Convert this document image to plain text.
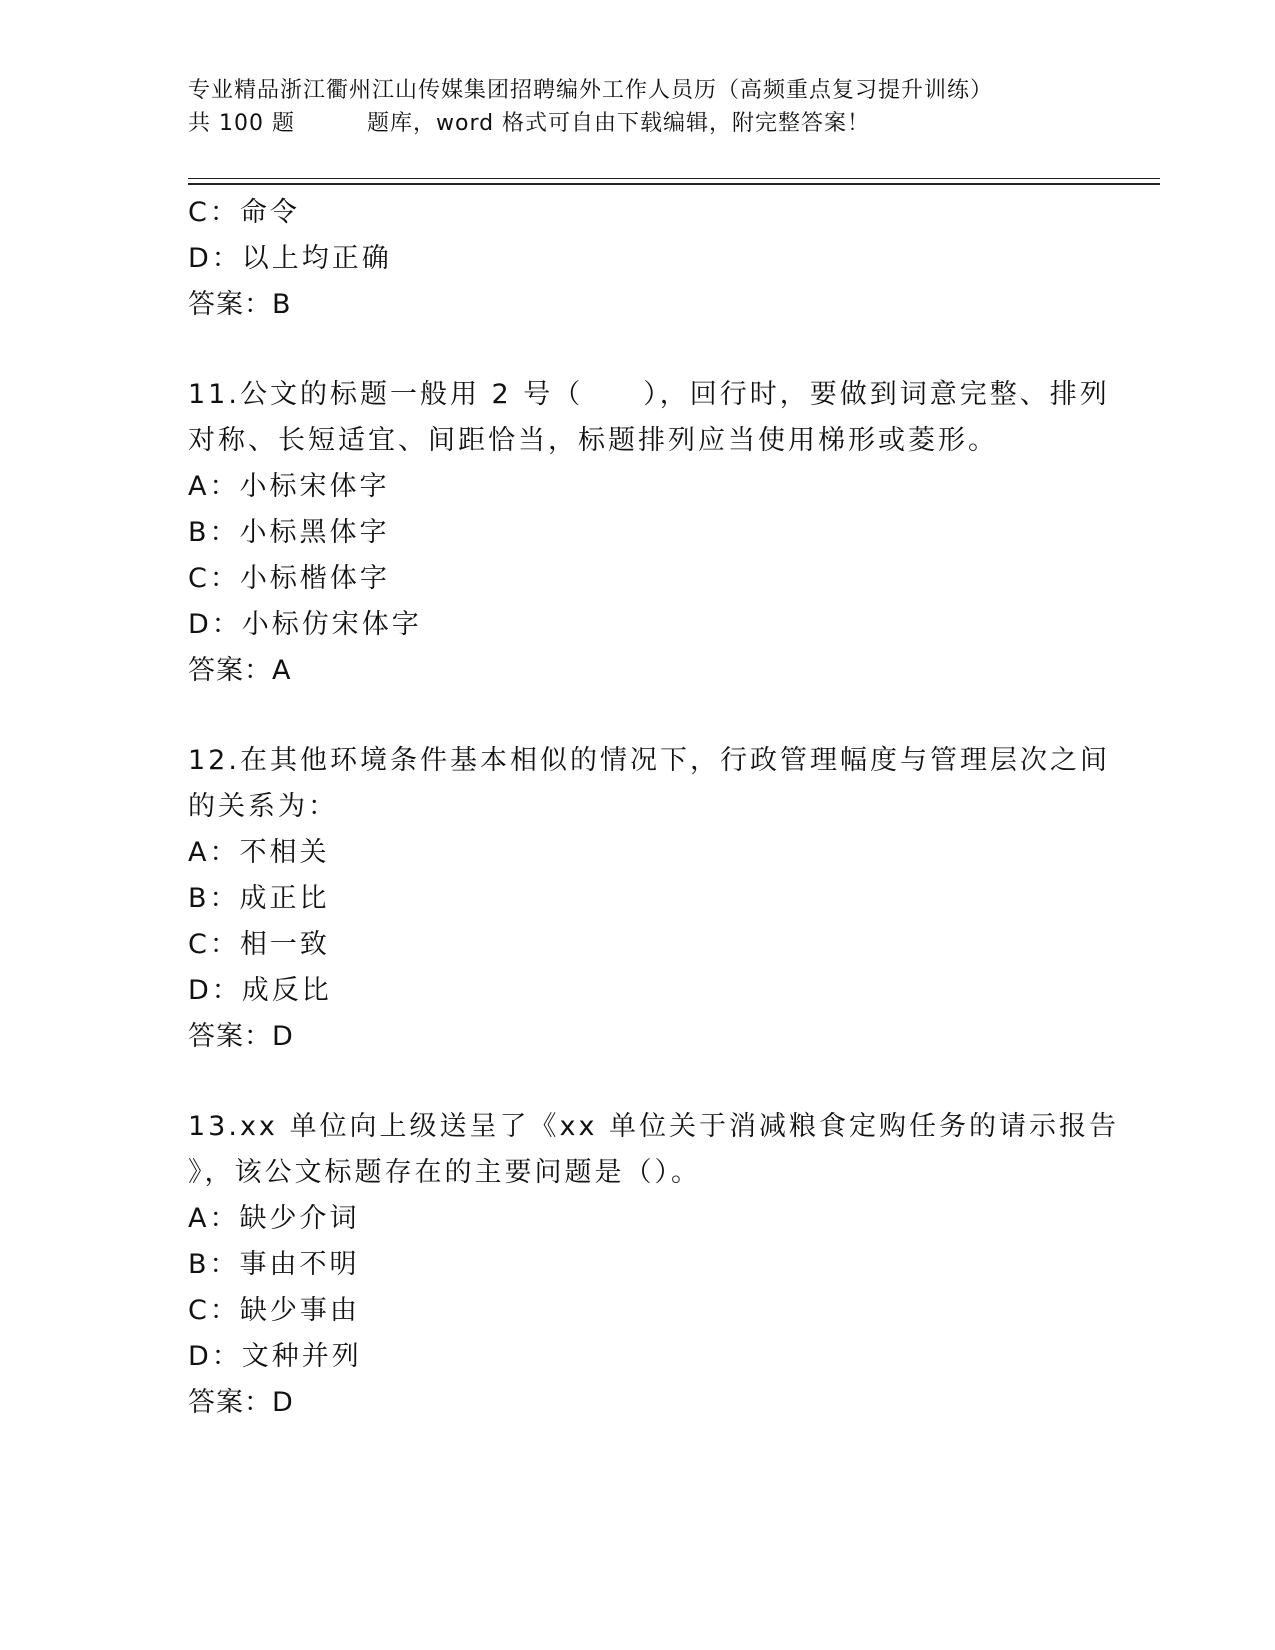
专业精品浙江衢州江山传媒集团招聘编外工作人员历（高频重点复习提升训练）
共 100 题	题库，word 格式可自由下载编辑，附完整答案！
C：命令
D：以上均正确
答案：B
11.公文的标题一般用 2 号（　　），回行时，要做到词意完整、排列
对称、长短适宜、间距恰当，标题排列应当使用梯形或菱形。
A：小标宋体字
B：小标黑体字
C：小标楷体字
D：小标仿宋体字
答案：A
12.在其他环境条件基本相似的情况下，行政管理幅度与管理层次之间
的关系为：
A：不相关
B：成正比
C：相一致
D：成反比
答案：D
13.xx 单位向上级送呈了《xx 单位关于消减粮食定购任务的请示报告
》，该公文标题存在的主要问题是（）。
A：缺少介词
B：事由不明
C：缺少事由
D：文种并列
答案：D
